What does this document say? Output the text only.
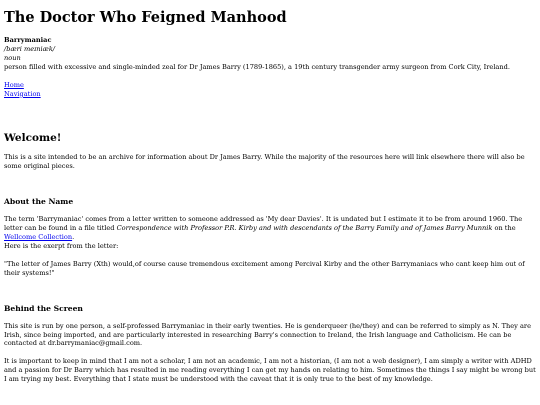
The Doctor Who Feigned Manhood
Barrymaniac
/bæri meɪniæk/
noun
person filled with excessive and single-minded zeal for Dr James Barry (1789-1865), a 19th century transgender army surgeon from Cork City, Ireland.
Home
Navigation
Welcome!

This is a site intended to be an archive for information about Dr James Barry. While the majority of the resources here will link elsewhere there will also be some original pieces.

About the Name

The term 'Barrymaniac' comes from a letter written to someone addressed as 'My dear Davies'. It is undated but I estimate it to be from around 1960. The letter can be found in a file titled Correspondence with Professor P.R. Kirby and with descendants of the Barry Family and of James Barry Munnik on the Wellcome Collection.
Here is the exerpt from the letter:

"The letter of James Barry (Xth) would,of course cause tremendous excitement among Percival Kirby and the other Barrymaniacs who cant keep him out of their systems!"

Behind the Screen

This site is run by one person, a self-professed Barrymaniac in their early twenties. He is genderqueer (he/they) and can be referred to simply as N. They are Irish, since being imported, and are particularly interested in researching Barry's connection to Ireland, the Irish language and Catholicism. He can be contacted at dr.barrymaniac@gmail.com.

It is important to keep in mind that I am not a scholar, I am not an academic, I am not a historian, (I am not a web designer), I am simply a writer with ADHD and a passion for Dr Barry which has resulted in me reading everything I can get my hands on relating to him. Sometimes the things I say might be wrong but I am trying my best. Everything that I state must be understood with the caveat that it is only true to the best of my knowledge.
